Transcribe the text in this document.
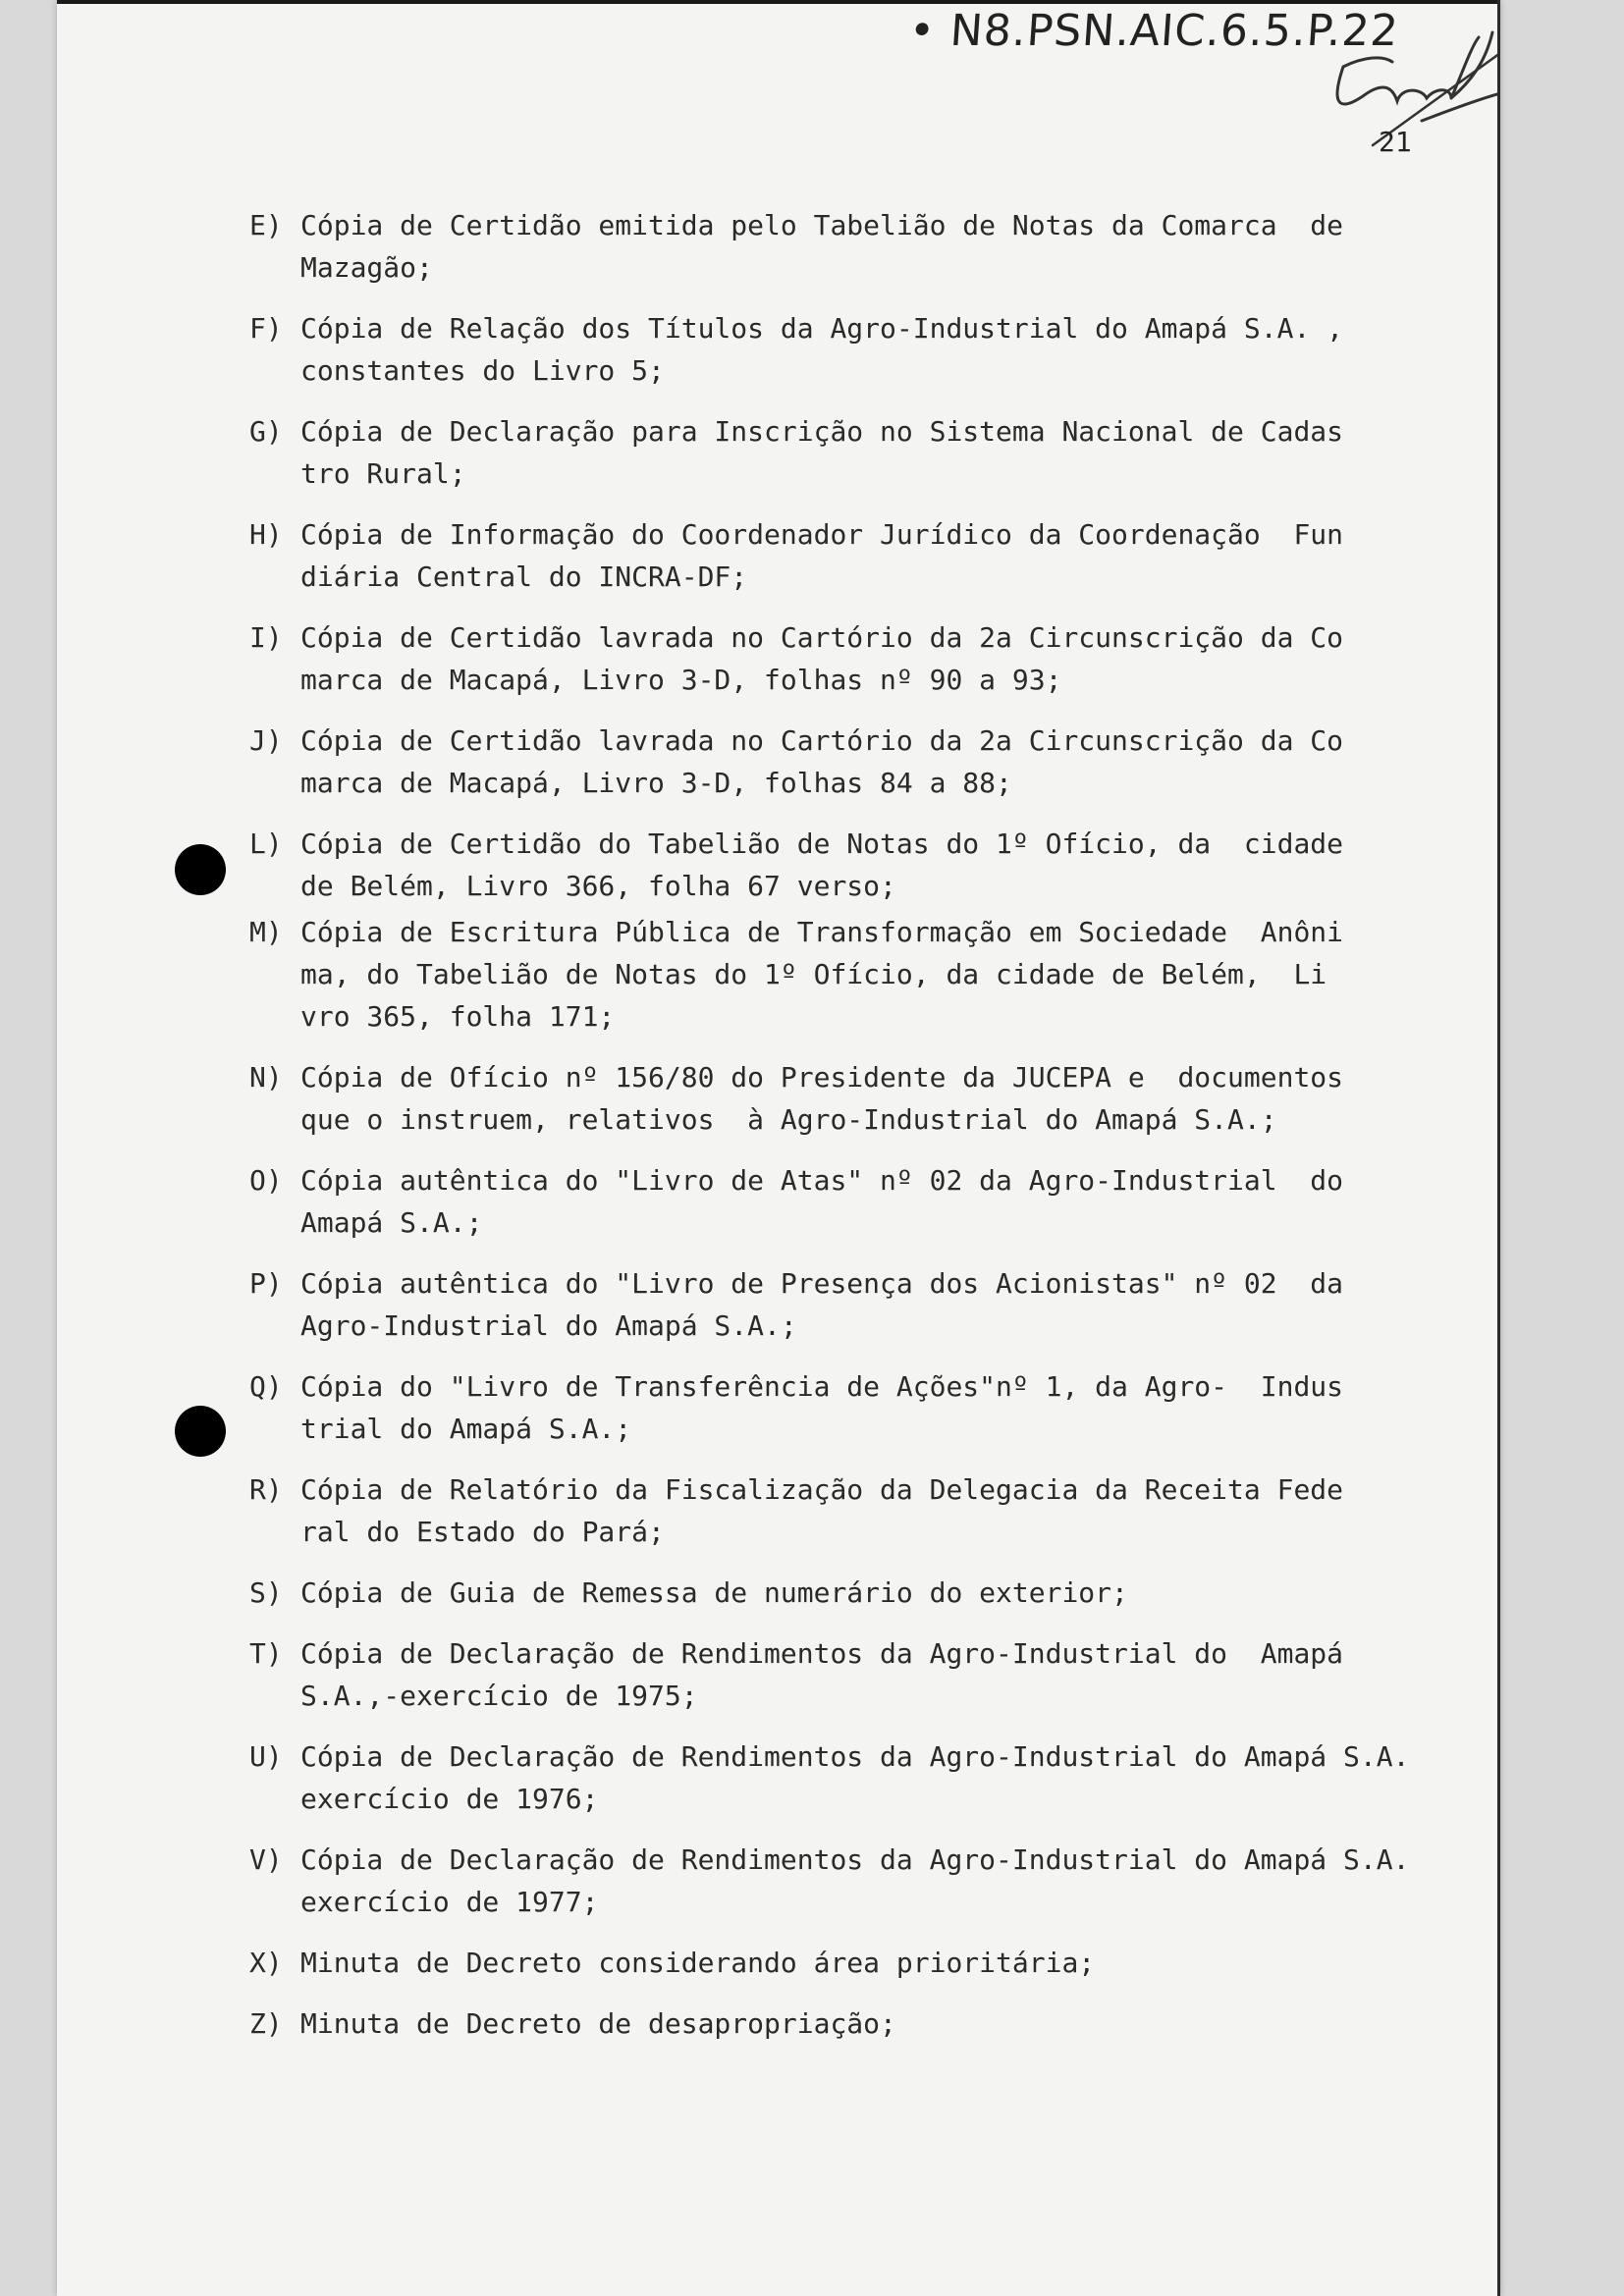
• N8.PSN.AIC.6.5.P.22
21
E) Cópia de Certidão emitida pelo Tabelião de Notas da Comarca  de
Mazagão;
F) Cópia de Relação dos Títulos da Agro-Industrial do Amapá S.A. ,
constantes do Livro 5;
G) Cópia de Declaração para Inscrição no Sistema Nacional de Cadas
tro Rural;
H) Cópia de Informação do Coordenador Jurídico da Coordenação  Fun
diária Central do INCRA-DF;
I) Cópia de Certidão lavrada no Cartório da 2a Circunscrição da Co
marca de Macapá, Livro 3-D, folhas nº 90 a 93;
J) Cópia de Certidão lavrada no Cartório da 2a Circunscrição da Co
marca de Macapá, Livro 3-D, folhas 84 a 88;
L) Cópia de Certidão do Tabelião de Notas do 1º Ofício, da  cidade
de Belém, Livro 366, folha 67 verso;
M) Cópia de Escritura Pública de Transformação em Sociedade  Anôni
ma, do Tabelião de Notas do 1º Ofício, da cidade de Belém,  Li
vro 365, folha 171;
N) Cópia de Ofício nº 156/80 do Presidente da JUCEPA e  documentos
que o instruem, relativos  à Agro-Industrial do Amapá S.A.;
O) Cópia autêntica do "Livro de Atas" nº 02 da Agro-Industrial  do
Amapá S.A.;
P) Cópia autêntica do "Livro de Presença dos Acionistas" nº 02  da
Agro-Industrial do Amapá S.A.;
Q) Cópia do "Livro de Transferência de Ações"nº 1, da Agro-  Indus
trial do Amapá S.A.;
R) Cópia de Relatório da Fiscalização da Delegacia da Receita Fede
ral do Estado do Pará;
S) Cópia de Guia de Remessa de numerário do exterior;
T) Cópia de Declaração de Rendimentos da Agro-Industrial do  Amapá
S.A.,-exercício de 1975;
U) Cópia de Declaração de Rendimentos da Agro-Industrial do Amapá S.A.
exercício de 1976;
V) Cópia de Declaração de Rendimentos da Agro-Industrial do Amapá S.A.
exercício de 1977;
X) Minuta de Decreto considerando área prioritária;
Z) Minuta de Decreto de desapropriação;
